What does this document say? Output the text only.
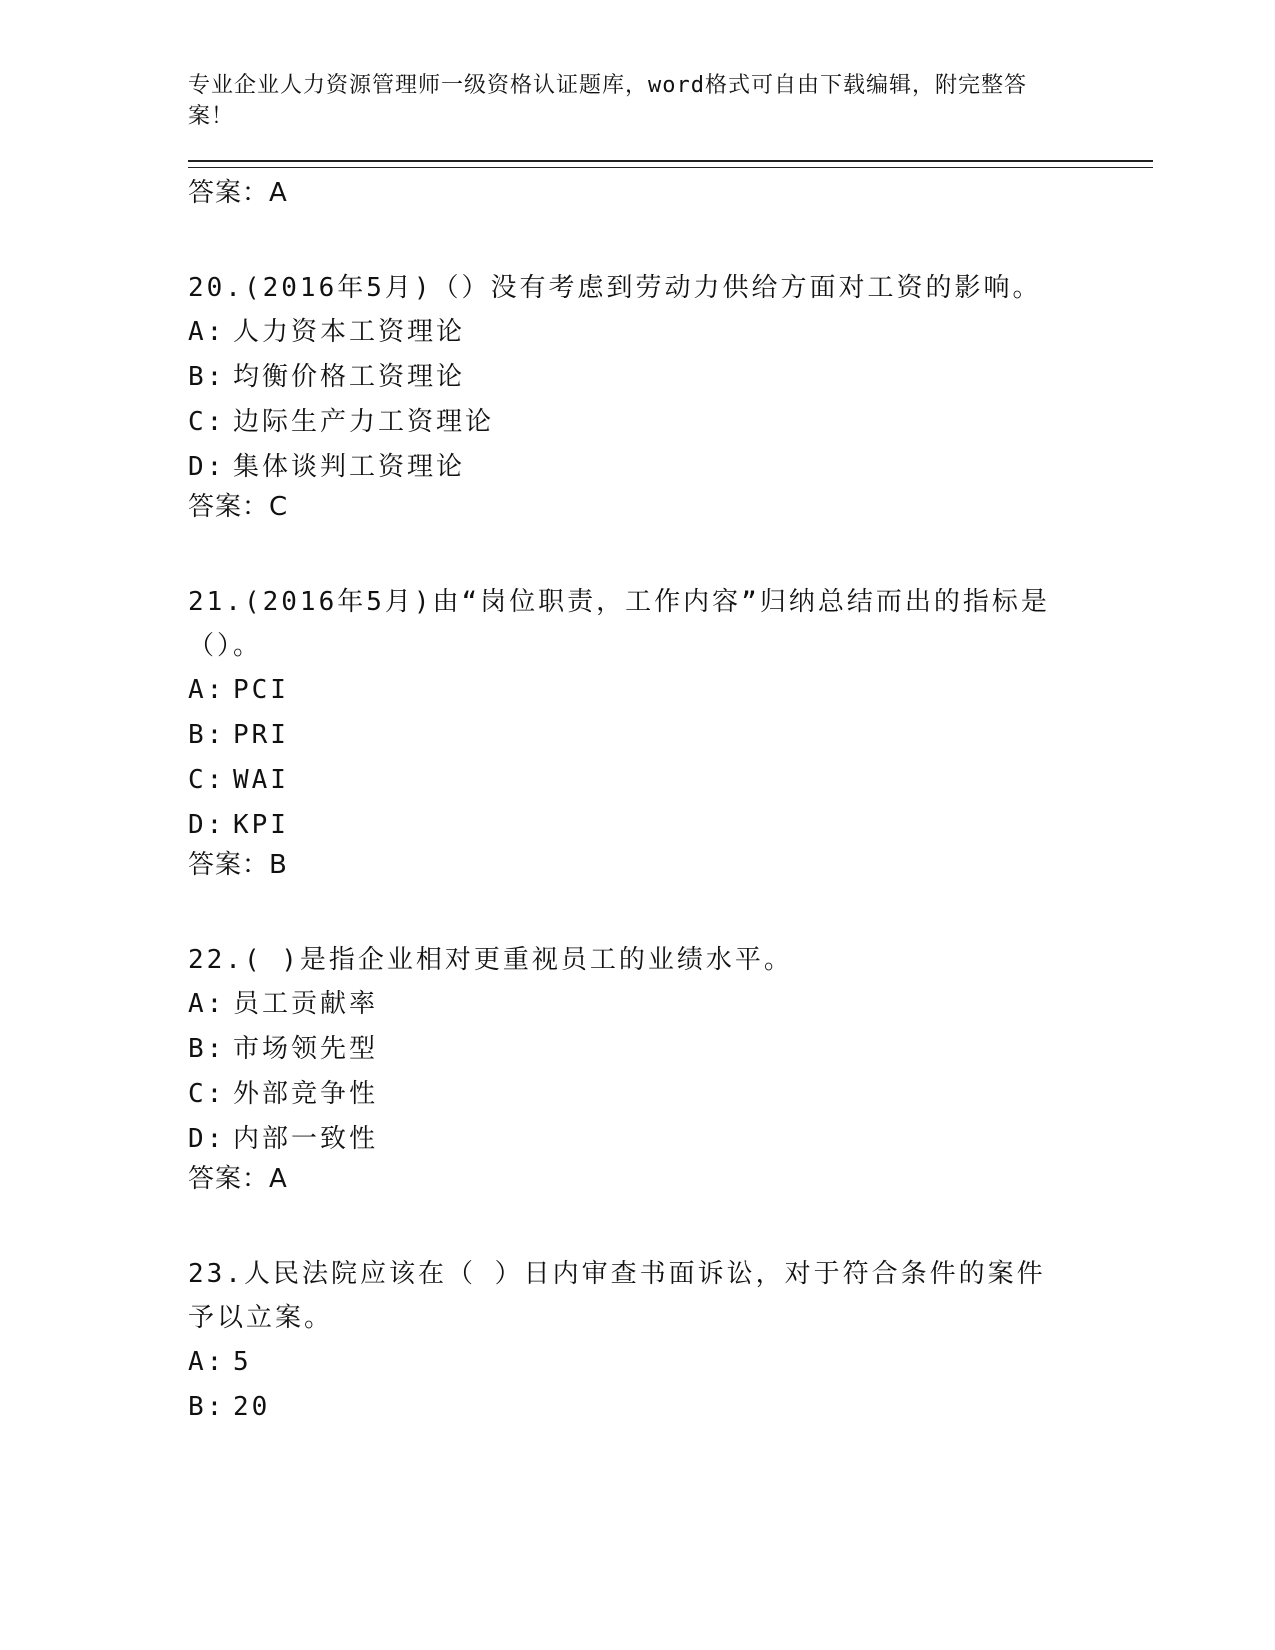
专业企业人力资源管理师一级资格认证题库，word格式可自由下载编辑，附完整答案！
答案：A
20.(2016年5月)（）没有考虑到劳动力供给方面对工资的影响。
A: 人力资本工资理论
B: 均衡价格工资理论
C: 边际生产力工资理论
D: 集体谈判工资理论
答案：C
21.(2016年5月)由“岗位职责，工作内容”归纳总结而出的指标是（）。
A: PCI
B: PRI
C: WAI
D: KPI
答案：B
22.( )是指企业相对更重视员工的业绩水平。
A: 员工贡献率
B: 市场领先型
C: 外部竞争性
D: 内部一致性
答案：A
23.人民法院应该在（ ）日内审查书面诉讼，对于符合条件的案件予以立案。
A: 5
B: 20
